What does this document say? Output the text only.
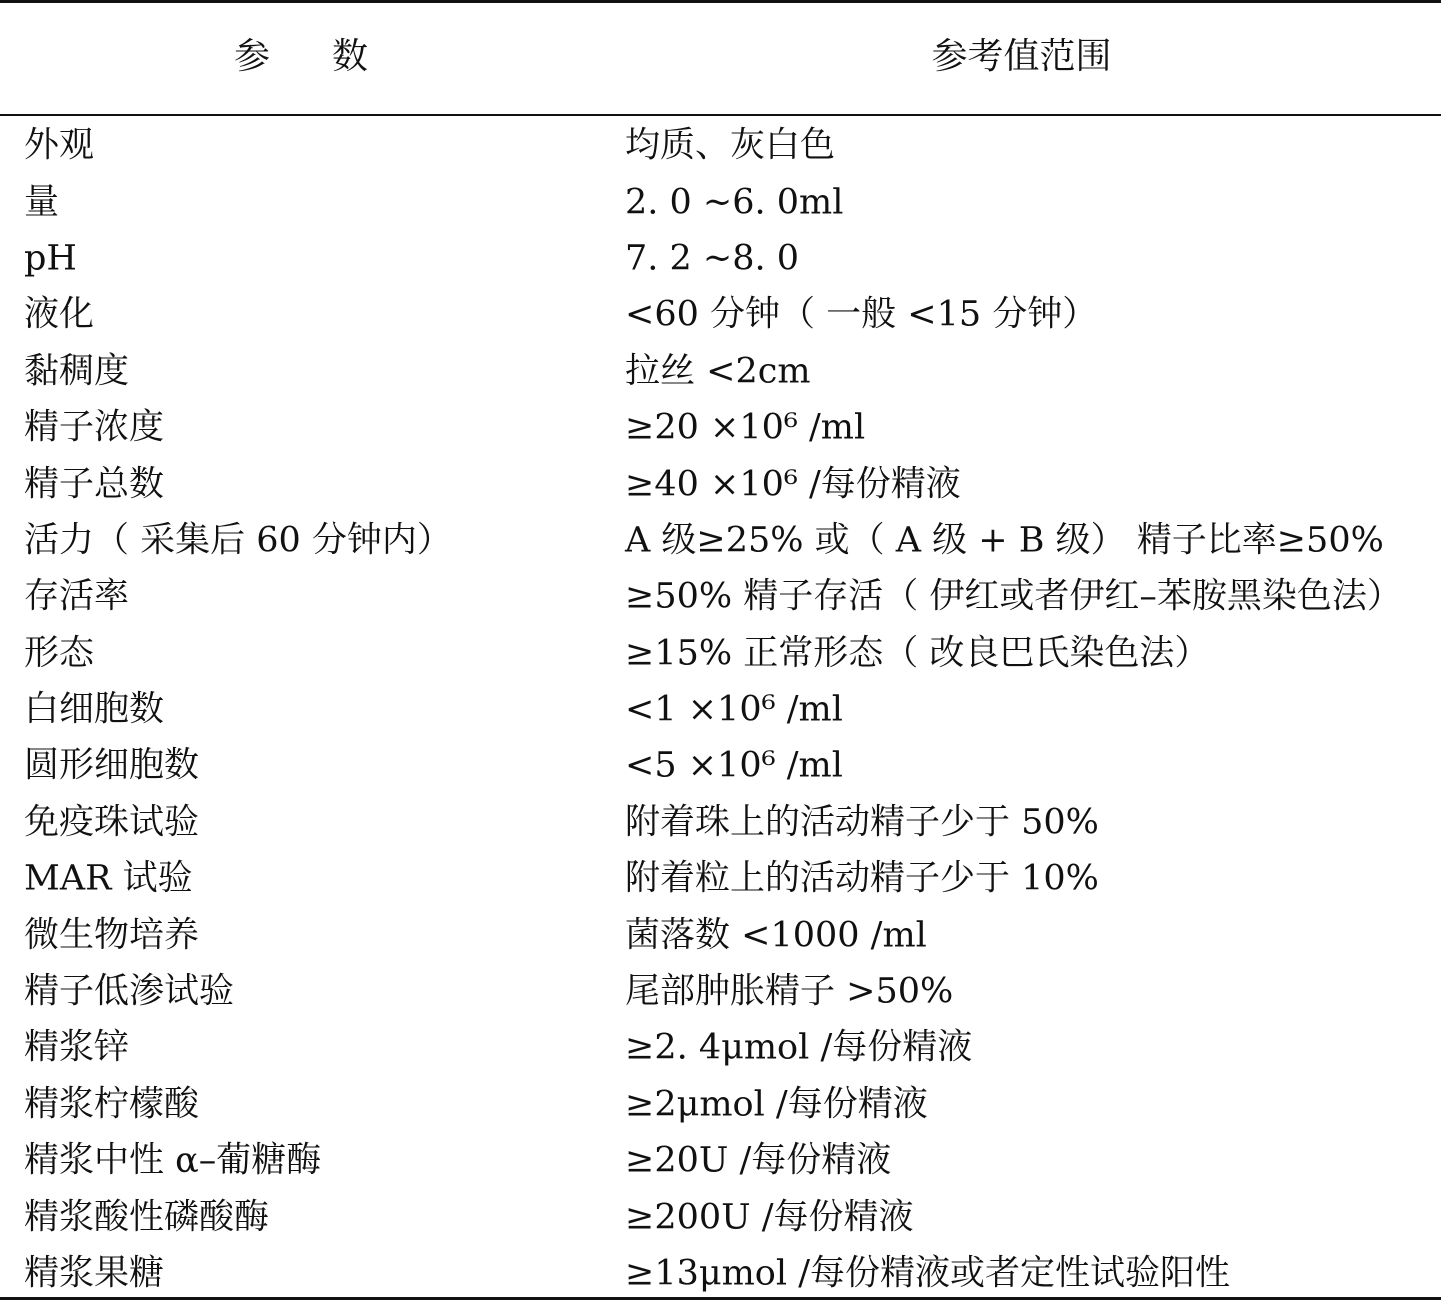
参数	参考值范围
外观	均质、灰白色
量	2. 0 ~6. 0ml
pH	7. 2 ~8. 0
液化	<60 分钟（ 一般 <15 分钟）
黏稠度	拉丝 <2cm
精子浓度	≥20 ×10⁶ /ml
精子总数	≥40 ×10⁶ /每份精液
活力（ 采集后 60 分钟内）	A 级≥25% 或（ A 级 + B 级） 精子比率≥50%
存活率	≥50% 精子存活（ 伊红或者伊红–苯胺黑染色法）
形态	≥15% 正常形态（ 改良巴氏染色法）
白细胞数	<1 ×10⁶ /ml
圆形细胞数	<5 ×10⁶ /ml
免疫珠试验	附着珠上的活动精子少于 50%
MAR 试验	附着粒上的活动精子少于 10%
微生物培养	菌落数 <1000 /ml
精子低渗试验	尾部肿胀精子 >50%
精浆锌	≥2. 4μmol /每份精液
精浆柠檬酸	≥2μmol /每份精液
精浆中性 α–葡糖酶	≥20U /每份精液
精浆酸性磷酸酶	≥200U /每份精液
精浆果糖	≥13μmol /每份精液或者定性试验阳性
